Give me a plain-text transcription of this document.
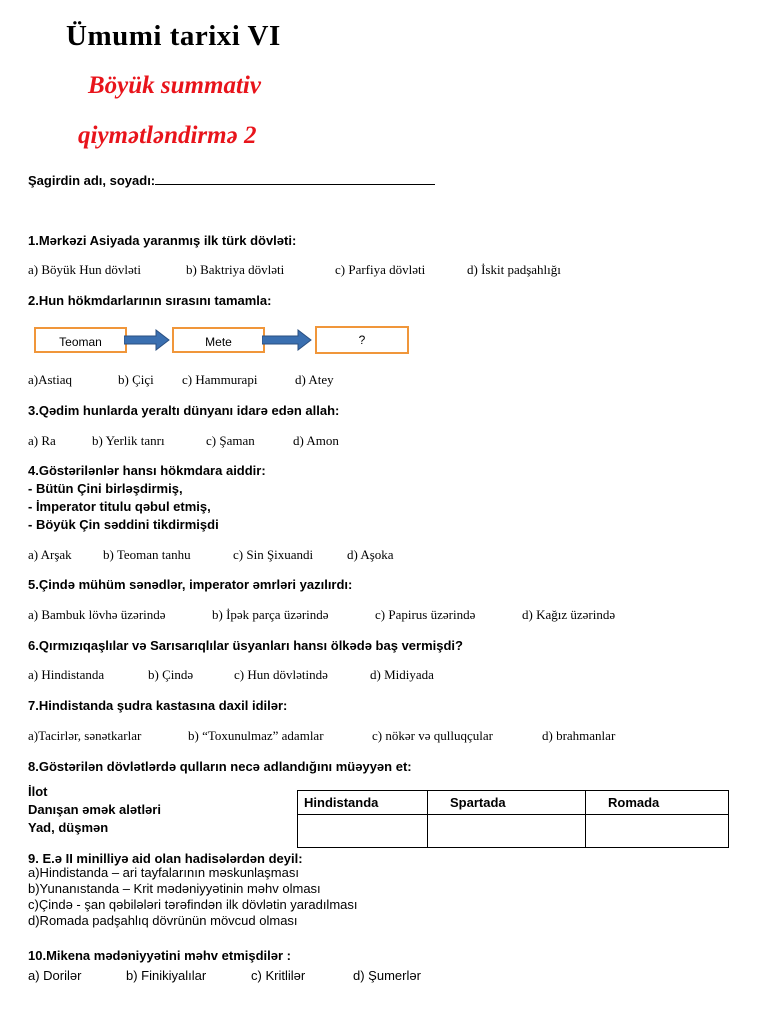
Ümumi tarixi VI
Böyük summativ
qiymətləndirmə 2
Şagirdin adı, soyadı:
1.Mərkəzi Asiyada yaranmış ilk türk dövləti:
a) Böyük Hun dövləti	b) Baktriya dövləti	c) Parfiya dövləti	d) İskit padşahlığı
2.Hun hökmdarlarının sırasını tamamla:
Teoman	Mete	?
a)Astiaq	b) Çiçi c) Hammurapi	d) Atey
3.Qədim hunlarda yeraltı dünyanı idarə edən allah:
a) Ra	b) Yerlik tanrı	c) Şaman	d) Amon
4.Göstərilənlər hansı hökmdara aiddir:
- Bütün Çini birləşdirmiş,
- İmperator titulu qəbul etmiş,
- Böyük Çin səddini tikdirmişdi
a) Arşak b) Teoman tanhu	c) Sin Şixuandi	d) Aşoka
5.Çində mühüm sənədlər, imperator əmrləri yazılırdı:
a) Bambuk lövhə üzərində	b) İpək parça üzərində	c) Papirus üzərində	d) Kağız üzərində
6.Qırmızıqaşlılar və Sarısarıqlılar üsyanları hansı ölkədə baş vermişdi?
a) Hindistanda	b) Çində	c) Hun dövlətində	d) Midiyada
7.Hindistanda şudra kastasına daxil idilər:
a)Tacirlər, sənətkarlar	b) “Toxunulmaz” adamlar	c) nökər və qulluqçular	d) brahmanlar
8.Göstərilən dövlətlərdə qulların necə adlandığını müəyyən et:
İlot
Danışan əmək alətləri
Yad, düşmən
Hindistanda	Spartada	Romada

9. E.ə II minilliyə aid olan hadisələrdən deyil:
a)Hindistanda – ari tayfalarının məskunlaşması
b)Yunanıstanda – Krit mədəniyyətinin məhv olması
c)Çində - şan qəbilələri tərəfindən ilk dövlətin yaradılması
d)Romada padşahlıq dövrünün mövcud olması
10.Mikena mədəniyyətini məhv etmişdilər :
a) Dorilər	b) Finikiyalılar	c) Kritlilər	d) Şumerlər
